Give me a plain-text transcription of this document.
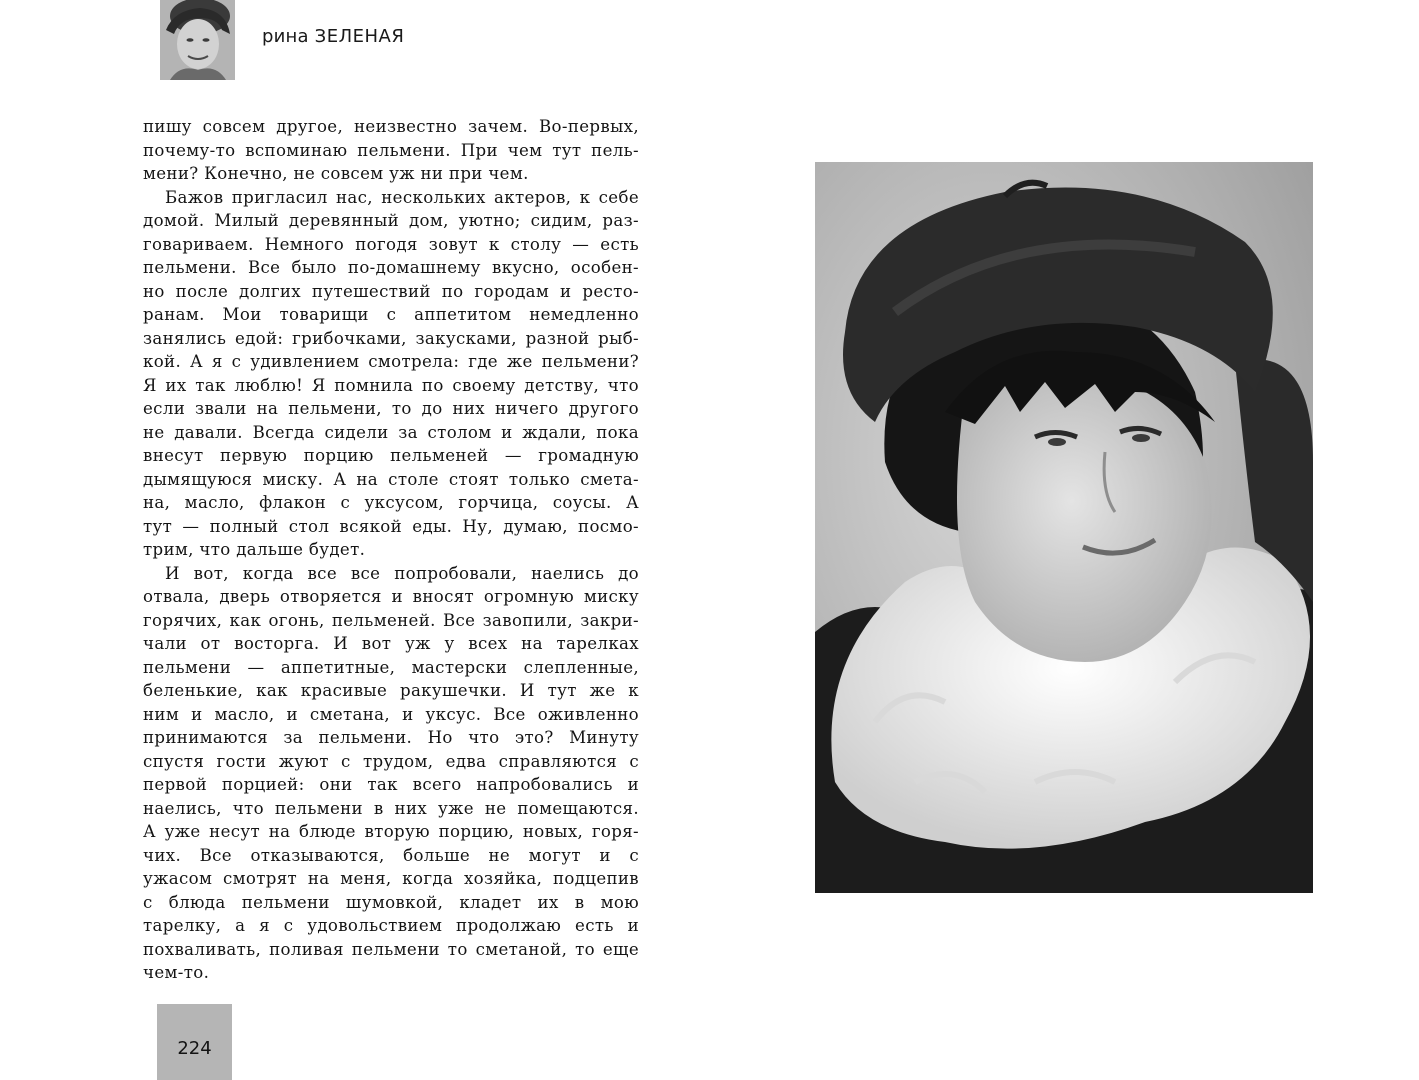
рина ЗЕЛЕНАЯ
пишу совсем другое, неизвестно зачем. Во-первых,
почему-то вспоминаю пельмени. При чем тут пель-
мени? Конечно, не совсем уж ни при чем.
Бажов пригласил нас, нескольких актеров, к себе
домой. Милый деревянный дом, уютно; сидим, раз-
говариваем. Немного погодя зовут к столу — есть
пельмени. Все было по-домашнему вкусно, особен-
но после долгих путешествий по городам и ресто-
ранам. Мои товарищи с аппетитом немедленно
занялись едой: грибочками, закусками, разной рыб-
кой. А я с удивлением смотрела: где же пельмени?
Я их так люблю! Я помнила по своему детству, что
если звали на пельмени, то до них ничего другого
не давали. Всегда сидели за столом и ждали, пока
внесут первую порцию пельменей — громадную
дымящуюся миску. А на столе стоят только смета-
на, масло, флакон с уксусом, горчица, соусы. А
тут — полный стол всякой еды. Ну, думаю, посмо-
трим, что дальше будет.
И вот, когда все все попробовали, наелись до
отвала, дверь отворяется и вносят огромную миску
горячих, как огонь, пельменей. Все завопили, закри-
чали от восторга. И вот уж у всех на тарелках
пельмени — аппетитные, мастерски слепленные,
беленькие, как красивые ракушечки. И тут же к
ним и масло, и сметана, и уксус. Все оживленно
принимаются за пельмени. Но что это? Минуту
спустя гости жуют с трудом, едва справляются с
первой порцией: они так всего напробовались и
наелись, что пельмени в них уже не помещаются.
А уже несут на блюде вторую порцию, новых, горя-
чих. Все отказываются, больше не могут и с
ужасом смотрят на меня, когда хозяйка, подцепив
с блюда пельмени шумовкой, кладет их в мою
тарелку, а я с удовольствием продолжаю есть и
похваливать, поливая пельмени то сметаной, то еще
чем-то.
224
